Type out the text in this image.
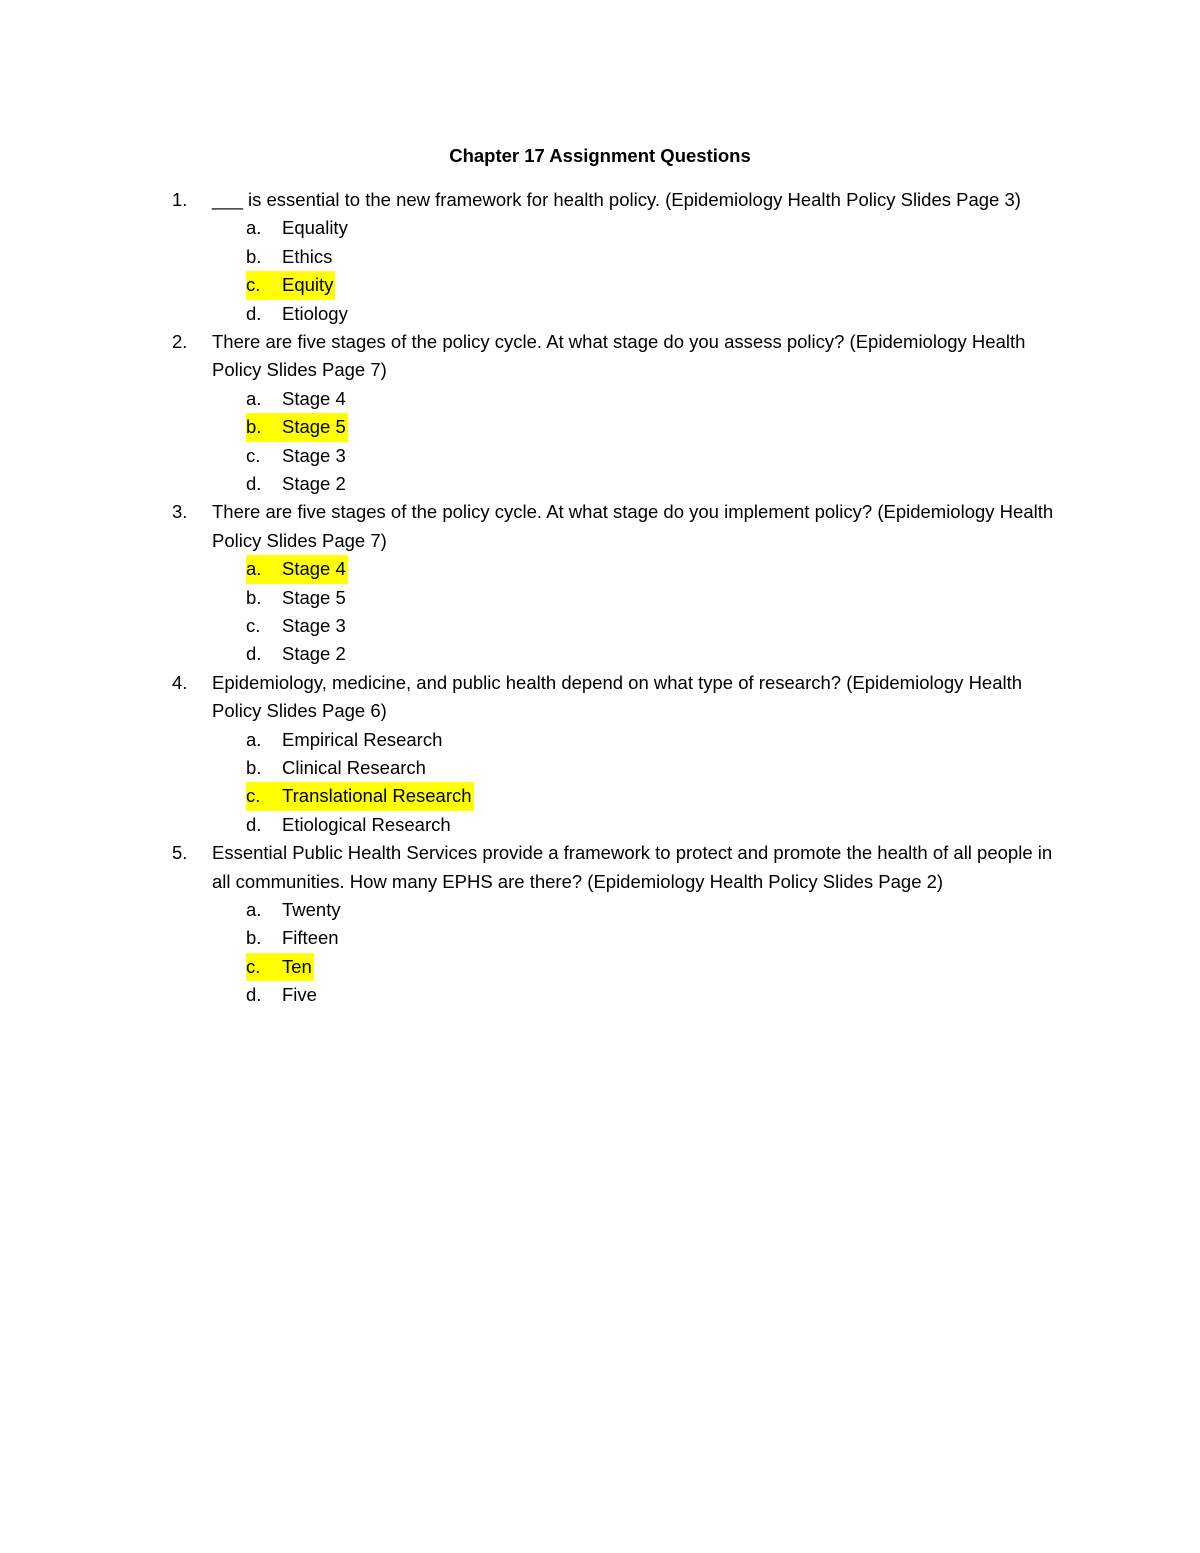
Chapter 17 Assignment Questions
1.	___ is essential to the new framework for health policy. (Epidemiology Health Policy Slides Page 3)
a. Equality
b. Ethics
c. Equity
d. Etiology
2.	There are five stages of the policy cycle. At what stage do you assess policy? (Epidemiology Health Policy Slides Page 7)
a. Stage 4
b. Stage 5
c. Stage 3
d. Stage 2
3.	There are five stages of the policy cycle. At what stage do you implement policy? (Epidemiology Health Policy Slides Page 7)
a. Stage 4
b. Stage 5
c. Stage 3
d. Stage 2
4.	Epidemiology, medicine, and public health depend on what type of research? (Epidemiology Health Policy Slides Page 6)
a. Empirical Research
b. Clinical Research
c. Translational Research
d. Etiological Research
5.	Essential Public Health Services provide a framework to protect and promote the health of all people in all communities. How many EPHS are there? (Epidemiology Health Policy Slides Page 2)
a. Twenty
b. Fifteen
c. Ten
d. Five
